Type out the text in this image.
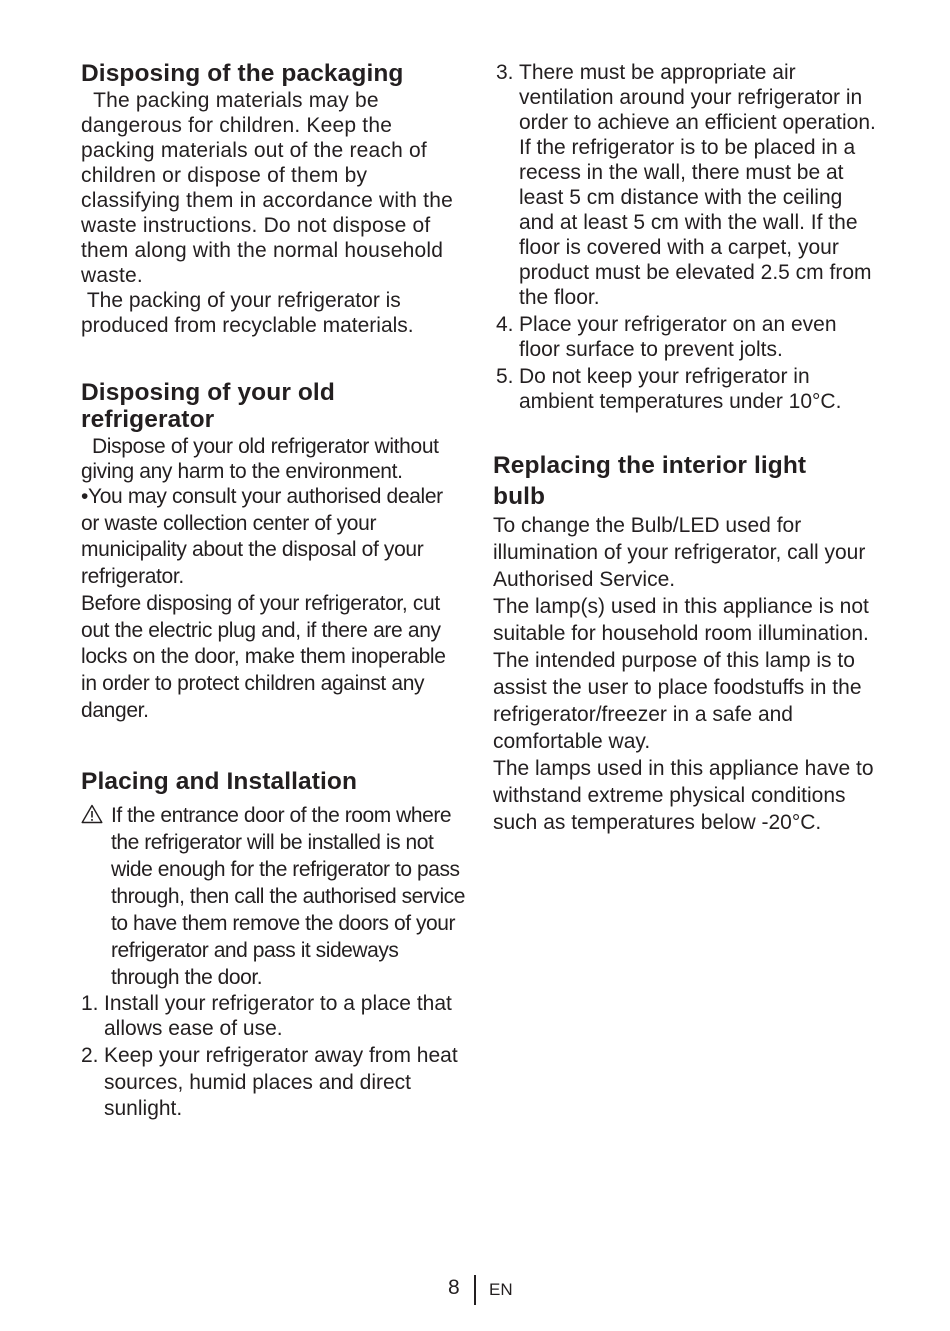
Disposing of the packaging

The packing materials may be dangerous for children. Keep the packing materials out of the reach of children or dispose of them by classifying them in accordance with the waste instructions. Do not dispose of them along with the normal household waste.

The packing of your refrigerator is produced from recyclable materials.

Disposing of your old refrigerator

Dispose of your old refrigerator without giving any harm to the environment.

•You may consult your authorised dealer or waste collection center of your municipality about the disposal of your refrigerator.

Before disposing of your refrigerator, cut out the electric plug and, if there are any locks on the door, make them inoperable in order to protect children against any danger.

Placing and Installation
If the entrance door of the room where the refrigerator will be installed is not wide enough for the refrigerator to pass through, then call the authorised service to have them remove the doors of your refrigerator and pass it sideways through the door.
1. Install your refrigerator to a place that allows ease of use.
2. Keep your refrigerator away from heat sources, humid places and direct sunlight.
3. There must be appropriate air ventilation around your refrigerator in order to achieve an efficient operation. If the refrigerator is to be placed in a recess in the wall, there must be at least 5 cm distance with the ceiling and at least 5 cm with the wall. If the floor is covered with a carpet, your product must be elevated 2.5 cm from the floor.
4. Place your refrigerator on an even floor surface to prevent jolts.
5. Do not keep your refrigerator in ambient temperatures under 10°C.
Replacing the interior light bulb

To change the Bulb/LED used for illumination of your refrigerator, call your Authorised Service.

The lamp(s) used in this appliance is not suitable for household room illumination. The intended purpose of this lamp is to assist the user to place foodstuffs in the refrigerator/freezer in a safe and comfortable way.

The lamps used in this appliance have to withstand extreme physical conditions such as temperatures below -20°C.

8 EN
